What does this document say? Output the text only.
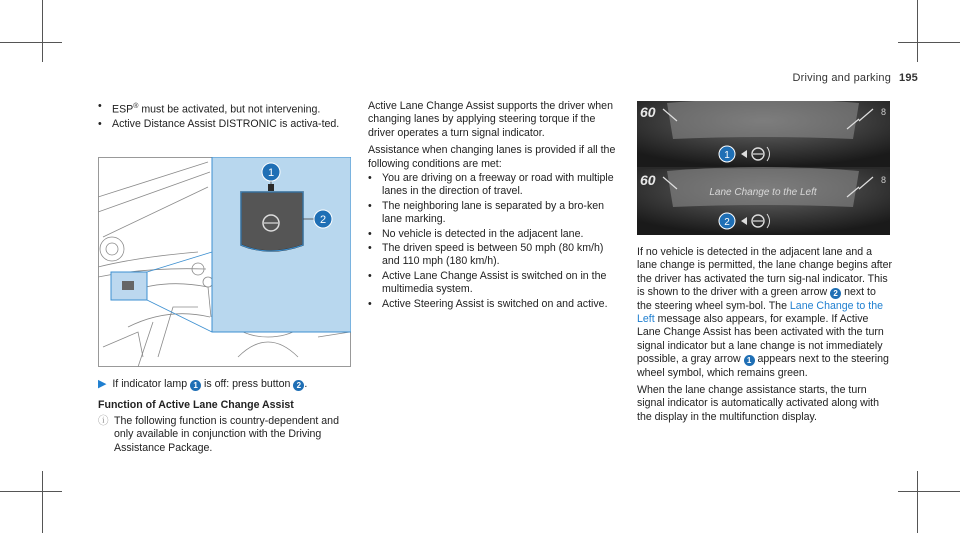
Driving and parking 195
• ESP® must be activated, but not intervening.
• Active Distance Assist DISTRONIC is activa-ted.
1
2

▶ If indicator lamp 1 is off: press button 2 .

Function of Active Lane Change Assist

ⓘ The following function is country-dependent and only available in conjunction with the Driving Assistance Package.

Active Lane Change Assist supports the driver when changing lanes by applying steering torque if the driver operates a turn signal indicator.

Assistance when changing lanes is provided if all the following conditions are met:

• You are driving on a freeway or road with multiple lanes in the direction of travel.
• The neighboring lane is separated by a bro-ken lane marking.
• No vehicle is detected in the adjacent lane.
• The driven speed is between 50 mph (80 km/h) and 110 mph (180 km/h).
• Active Lane Change Assist is switched on in the multimedia system.
• Active Steering Assist is switched on and active.
60
60
8
8
Lane Change to the Left
1
2

If no vehicle is detected in the adjacent lane and a lane change is permitted, the lane change begins after the driver has activated the turn sig-nal indicator. This is shown to the driver with a green arrow 2 next to the steering wheel sym-bol. The Lane Change to the Left message also appears, for example. If Active Lane Change Assist has been activated with the turn signal indicator but a lane change is not immediately possible, a gray arrow 1 appears next to the steering wheel symbol, which remains green.

When the lane change assistance starts, the turn signal indicator is automatically activated along with the display in the multifunction display.
